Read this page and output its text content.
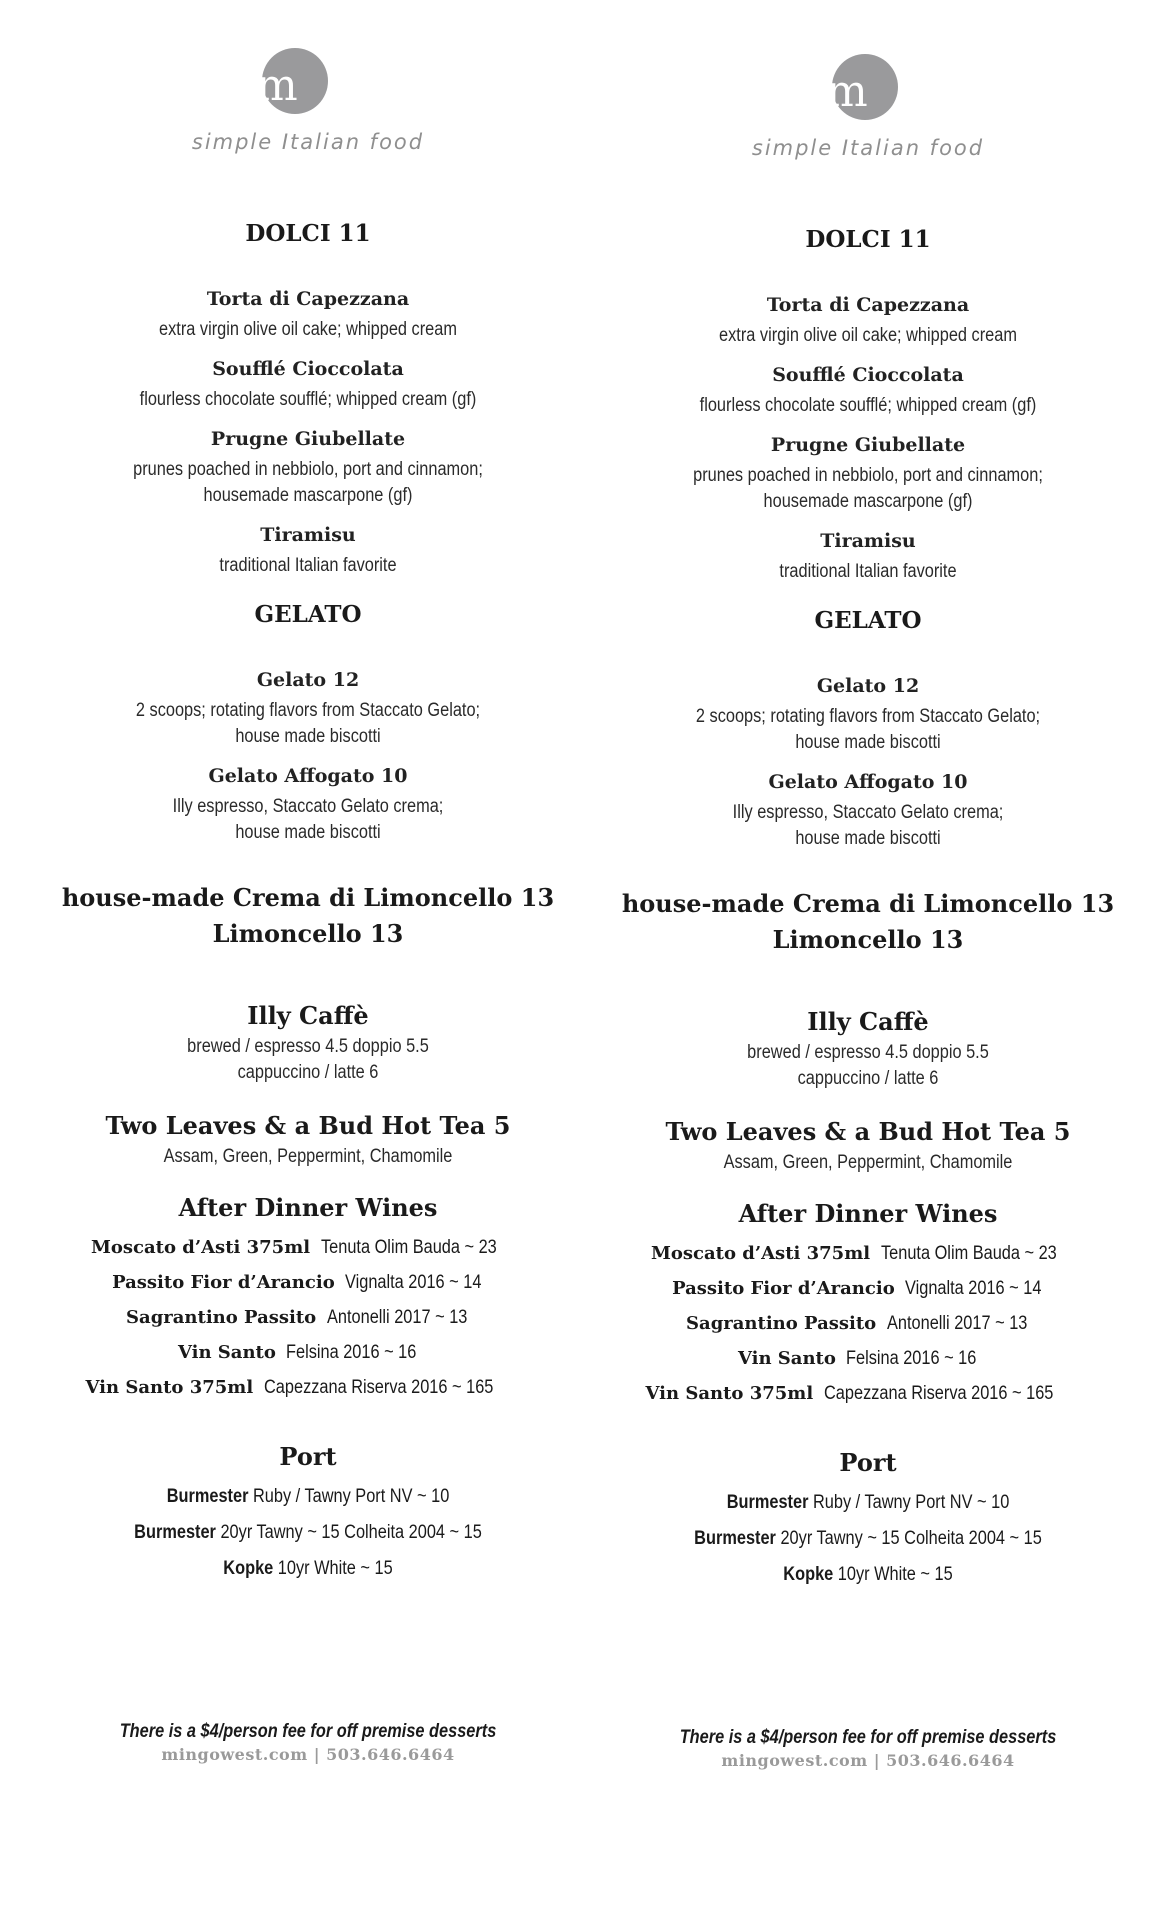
m
simple Italian food
DOLCI 11
Torta di Capezzana
extra virgin olive oil cake; whipped cream
Soufflé Cioccolata
flourless chocolate soufflé; whipped cream (gf)
Prugne Giubellate
prunes poached in nebbiolo, port and cinnamon;
housemade mascarpone (gf)
Tiramisu
traditional Italian favorite
GELATO
Gelato 12
2 scoops; rotating flavors from Staccato Gelato;
house made biscotti
Gelato Affogato 10
Illy espresso, Staccato Gelato crema;
house made biscotti
house-made Crema di Limoncello 13
Limoncello 13
Illy Caffè
brewed / espresso 4.5 doppio 5.5
cappuccino / latte 6
Two Leaves & a Bud Hot Tea 5
Assam, Green, Peppermint, Chamomile
After Dinner Wines
Moscato d’Asti 375ml Tenuta Olim Bauda ~ 23
Passito Fior d’Arancio Vignalta 2016 ~ 14
Sagrantino Passito Antonelli 2017 ~ 13
Vin Santo Felsina 2016 ~ 16
Vin Santo 375ml Capezzana Riserva 2016 ~ 165
Port
Burmester Ruby / Tawny Port NV ~ 10
Burmester 20yr Tawny ~ 15 Colheita 2004 ~ 15
Kopke 10yr White ~ 15
There is a $4/person fee for off premise desserts
mingowest.com | 503.646.6464
m
simple Italian food
DOLCI 11
Torta di Capezzana
extra virgin olive oil cake; whipped cream
Soufflé Cioccolata
flourless chocolate soufflé; whipped cream (gf)
Prugne Giubellate
prunes poached in nebbiolo, port and cinnamon;
housemade mascarpone (gf)
Tiramisu
traditional Italian favorite
GELATO
Gelato 12
2 scoops; rotating flavors from Staccato Gelato;
house made biscotti
Gelato Affogato 10
Illy espresso, Staccato Gelato crema;
house made biscotti
house-made Crema di Limoncello 13
Limoncello 13
Illy Caffè
brewed / espresso 4.5 doppio 5.5
cappuccino / latte 6
Two Leaves & a Bud Hot Tea 5
Assam, Green, Peppermint, Chamomile
After Dinner Wines
Moscato d’Asti 375ml Tenuta Olim Bauda ~ 23
Passito Fior d’Arancio Vignalta 2016 ~ 14
Sagrantino Passito Antonelli 2017 ~ 13
Vin Santo Felsina 2016 ~ 16
Vin Santo 375ml Capezzana Riserva 2016 ~ 165
Port
Burmester Ruby / Tawny Port NV ~ 10
Burmester 20yr Tawny ~ 15 Colheita 2004 ~ 15
Kopke 10yr White ~ 15
There is a $4/person fee for off premise desserts
mingowest.com | 503.646.6464
